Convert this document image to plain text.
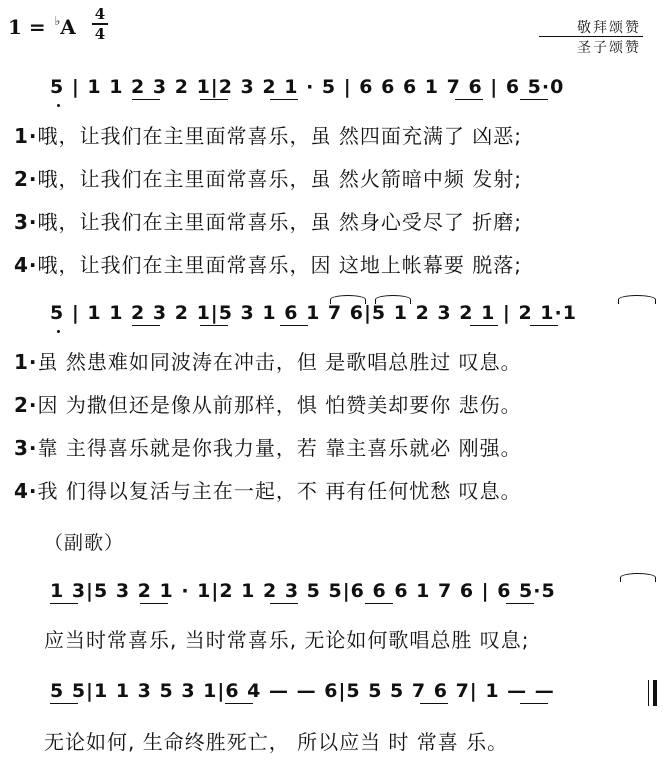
1 = ♭A
4
4	敬拜颂赞
圣子颂赞
5 | 1 1 2 3 2 1|2 3 2 1 · 5 | 6 6 6 1 7 6 | 6 5·0
1·哦，让我们在主里面常喜乐，虽 然四面充满了 凶恶;
2·哦，让我们在主里面常喜乐，虽 然火箭暗中频 发射;
3·哦，让我们在主里面常喜乐，虽 然身心受尽了 折磨;
4·哦，让我们在主里面常喜乐，因 这地上帐幕要 脱落;
5 | 1 1 2 3 2 1|5 3 1 6 1 7 6|5 1 2 3 2 1 | 2 1·1
1·虽 然患难如同波涛在冲击，但 是歌唱总胜过 叹息。
2·因 为撒但还是像从前那样，惧 怕赞美却要你 悲伤。
3·靠 主得喜乐就是你我力量，若 靠主喜乐就必 刚强。
4·我 们得以复活与主在一起，不 再有任何忧愁 叹息。
（副歌）
1 3|5 3 2 1 · 1|2 1 2 3 5 5|6 6 6 1 7 6 | 6 5·5
应当时常喜乐, 当时常喜乐, 无论如何歌唱总胜 叹息;
5 5|1 1 3 5 3 1|6 4 — — 6|5 5 5 7 6 7| 1 — —
无论如何, 生命终胜死亡， 所以应当 时 常喜 乐。
